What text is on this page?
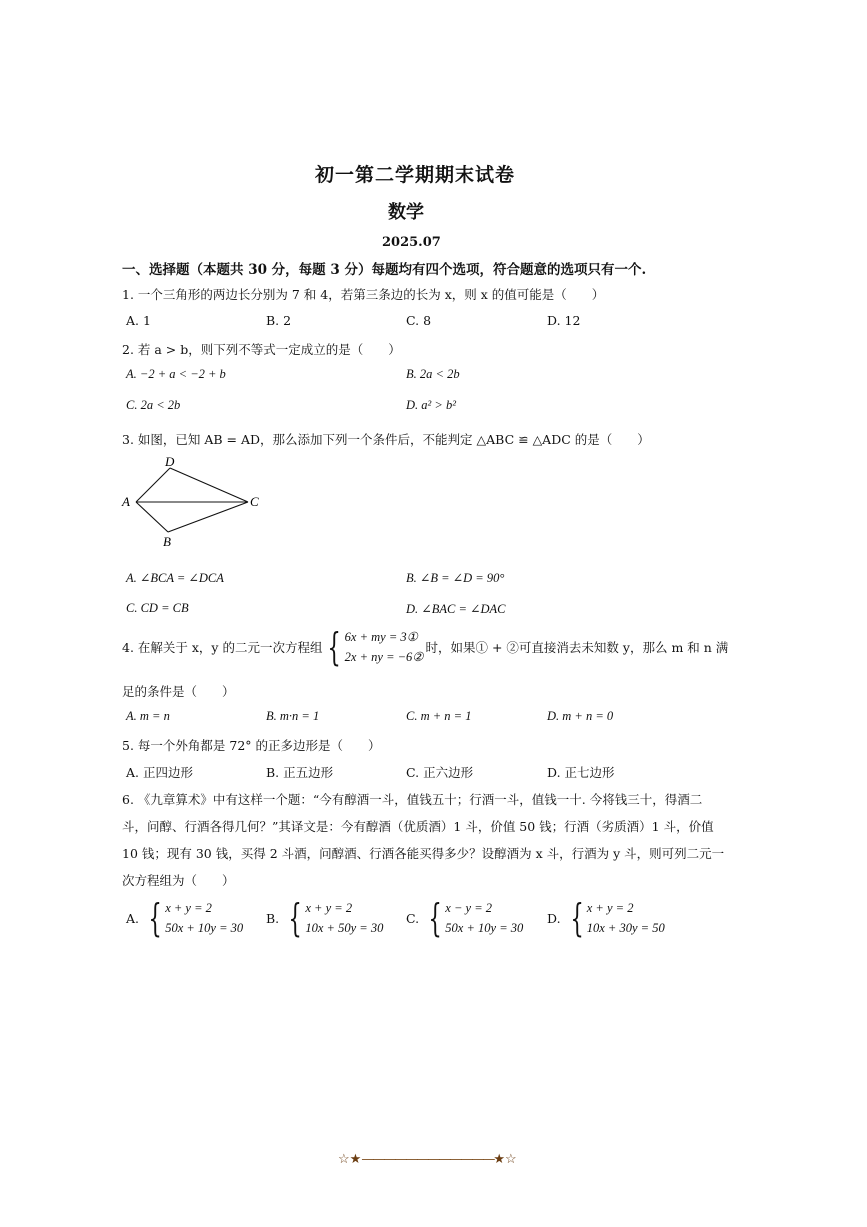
初一第二学期期末试卷
数学
2025.07
一、选择题（本题共 30 分，每题 3 分）每题均有四个选项，符合题意的选项只有一个.
1. 一个三角形的两边长分别为 7 和 4，若第三条边的长为 x，则 x 的值可能是（　　）
A. 1	B. 2	C. 8	D. 12
2. 若 a > b，则下列不等式一定成立的是（　　）
A. −2 + a < −2 + b	B. 2a < 2b
C. 2a < 2b	D. a² > b²
3. 如图，已知 AB = AD，那么添加下列一个条件后，不能判定 △ABC ≌ △ADC 的是（　　）
D
A	C
B
A. ∠BCA = ∠DCA	B. ∠B = ∠D = 90°
C. CD = CB	D. ∠BAC = ∠DAC
4. 在解关于 x，y 的二元一次方程组 { 6x + my = 3①
2x + ny = −6②
时，如果① + ②可直接消去未知数 y，那么 m 和 n 满
足的条件是（　　）
A. m = n	B. m·n = 1	C. m + n = 1	D. m + n = 0
5. 每一个外角都是 72° 的正多边形是（　　）
A. 正四边形	B. 正五边形	C. 正六边形	D. 正七边形
6. 《九章算术》中有这样一个题：“今有醇酒一斗，值钱五十；行酒一斗，值钱一十. 今将钱三十，得酒二
斗，问醇、行酒各得几何？”其译文是：今有醇酒（优质酒）1 斗，价值 50 钱；行酒（劣质酒）1 斗，价值
10 钱；现有 30 钱，买得 2 斗酒，问醇酒、行酒各能买得多少？设醇酒为 x 斗，行酒为 y 斗，则可列二元一
次方程组为（　　）
A. { x + y = 2
50x + 10y = 30
B. { x + y = 2
10x + 50y = 30
C. { x − y = 2
50x + 10y = 30
D. { x + y = 2
10x + 30y = 50
☆★————————————★☆
